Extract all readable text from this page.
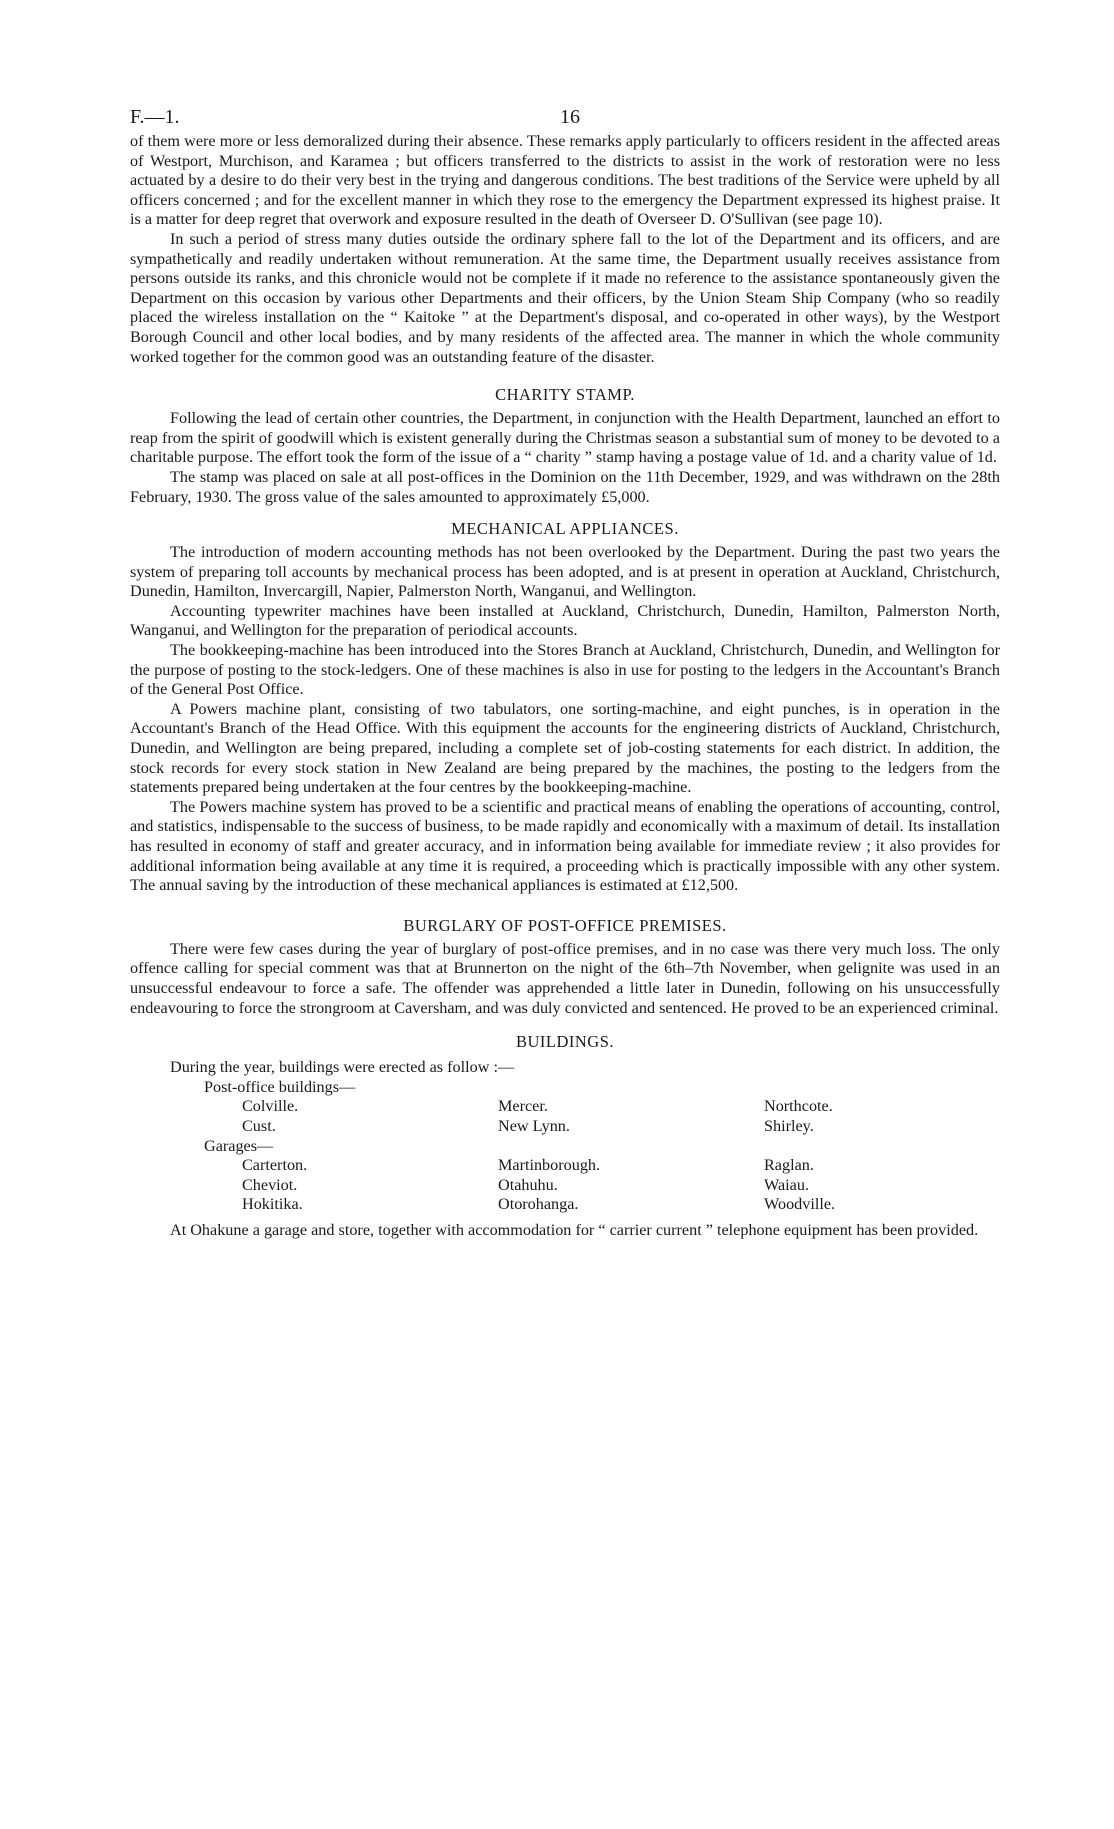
F.—1.	16

of them were more or less demoralized during their absence. These remarks apply particularly to officers resident in the affected areas of Westport, Murchison, and Karamea ; but officers transferred to the districts to assist in the work of restoration were no less actuated by a desire to do their very best in the trying and dangerous conditions. The best traditions of the Service were upheld by all officers concerned ; and for the excellent manner in which they rose to the emergency the Department expressed its highest praise. It is a matter for deep regret that overwork and exposure resulted in the death of Overseer D. O'Sullivan (see page 10).

In such a period of stress many duties outside the ordinary sphere fall to the lot of the Department and its officers, and are sympathetically and readily undertaken without remuneration. At the same time, the Department usually receives assistance from persons outside its ranks, and this chronicle would not be complete if it made no reference to the assistance spontaneously given the Department on this occasion by various other Departments and their officers, by the Union Steam Ship Company (who so readily placed the wireless installation on the “ Kaitoke ” at the Department's disposal, and co-operated in other ways), by the Westport Borough Council and other local bodies, and by many residents of the affected area. The manner in which the whole community worked together for the common good was an outstanding feature of the disaster.

CHARITY STAMP.

Following the lead of certain other countries, the Department, in conjunction with the Health Department, launched an effort to reap from the spirit of goodwill which is existent generally during the Christmas season a substantial sum of money to be devoted to a charitable purpose. The effort took the form of the issue of a “ charity ” stamp having a postage value of 1d. and a charity value of 1d.

The stamp was placed on sale at all post-offices in the Dominion on the 11th December, 1929, and was withdrawn on the 28th February, 1930. The gross value of the sales amounted to approximately £5,000.

MECHANICAL APPLIANCES.

The introduction of modern accounting methods has not been overlooked by the Department. During the past two years the system of preparing toll accounts by mechanical process has been adopted, and is at present in operation at Auckland, Christchurch, Dunedin, Hamilton, Invercargill, Napier, Palmerston North, Wanganui, and Wellington.

Accounting typewriter machines have been installed at Auckland, Christchurch, Dunedin, Hamilton, Palmerston North, Wanganui, and Wellington for the preparation of periodical accounts.

The bookkeeping-machine has been introduced into the Stores Branch at Auckland, Christchurch, Dunedin, and Wellington for the purpose of posting to the stock-ledgers. One of these machines is also in use for posting to the ledgers in the Accountant's Branch of the General Post Office.

A Powers machine plant, consisting of two tabulators, one sorting-machine, and eight punches, is in operation in the Accountant's Branch of the Head Office. With this equipment the accounts for the engineering districts of Auckland, Christchurch, Dunedin, and Wellington are being prepared, including a complete set of job-costing statements for each district. In addition, the stock records for every stock station in New Zealand are being prepared by the machines, the posting to the ledgers from the statements prepared being undertaken at the four centres by the bookkeeping-machine.

The Powers machine system has proved to be a scientific and practical means of enabling the operations of accounting, control, and statistics, indispensable to the success of business, to be made rapidly and economically with a maximum of detail. Its installation has resulted in economy of staff and greater accuracy, and in information being available for immediate review ; it also provides for additional information being available at any time it is required, a proceeding which is practically impossible with any other system. The annual saving by the introduction of these mechanical appliances is estimated at £12,500.

BURGLARY OF POST-OFFICE PREMISES.

There were few cases during the year of burglary of post-office premises, and in no case was there very much loss. The only offence calling for special comment was that at Brunnerton on the night of the 6th–7th November, when gelignite was used in an unsuccessful endeavour to force a safe. The offender was apprehended a little later in Dunedin, following on his unsuccessfully endeavouring to force the strongroom at Caversham, and was duly convicted and sentenced. He proved to be an experienced criminal.

BUILDINGS.
During the year, buildings were erected as follow :—
Post-office buildings—
Colville.	Mercer.	Northcote.
Cust.	New Lynn.	Shirley.
Garages—
Carterton.	Martinborough.	Raglan.
Cheviot.	Otahuhu.	Waiau.
Hokitika.	Otorohanga.	Woodville.

At Ohakune a garage and store, together with accommodation for “ carrier current ” telephone equipment has been provided.
